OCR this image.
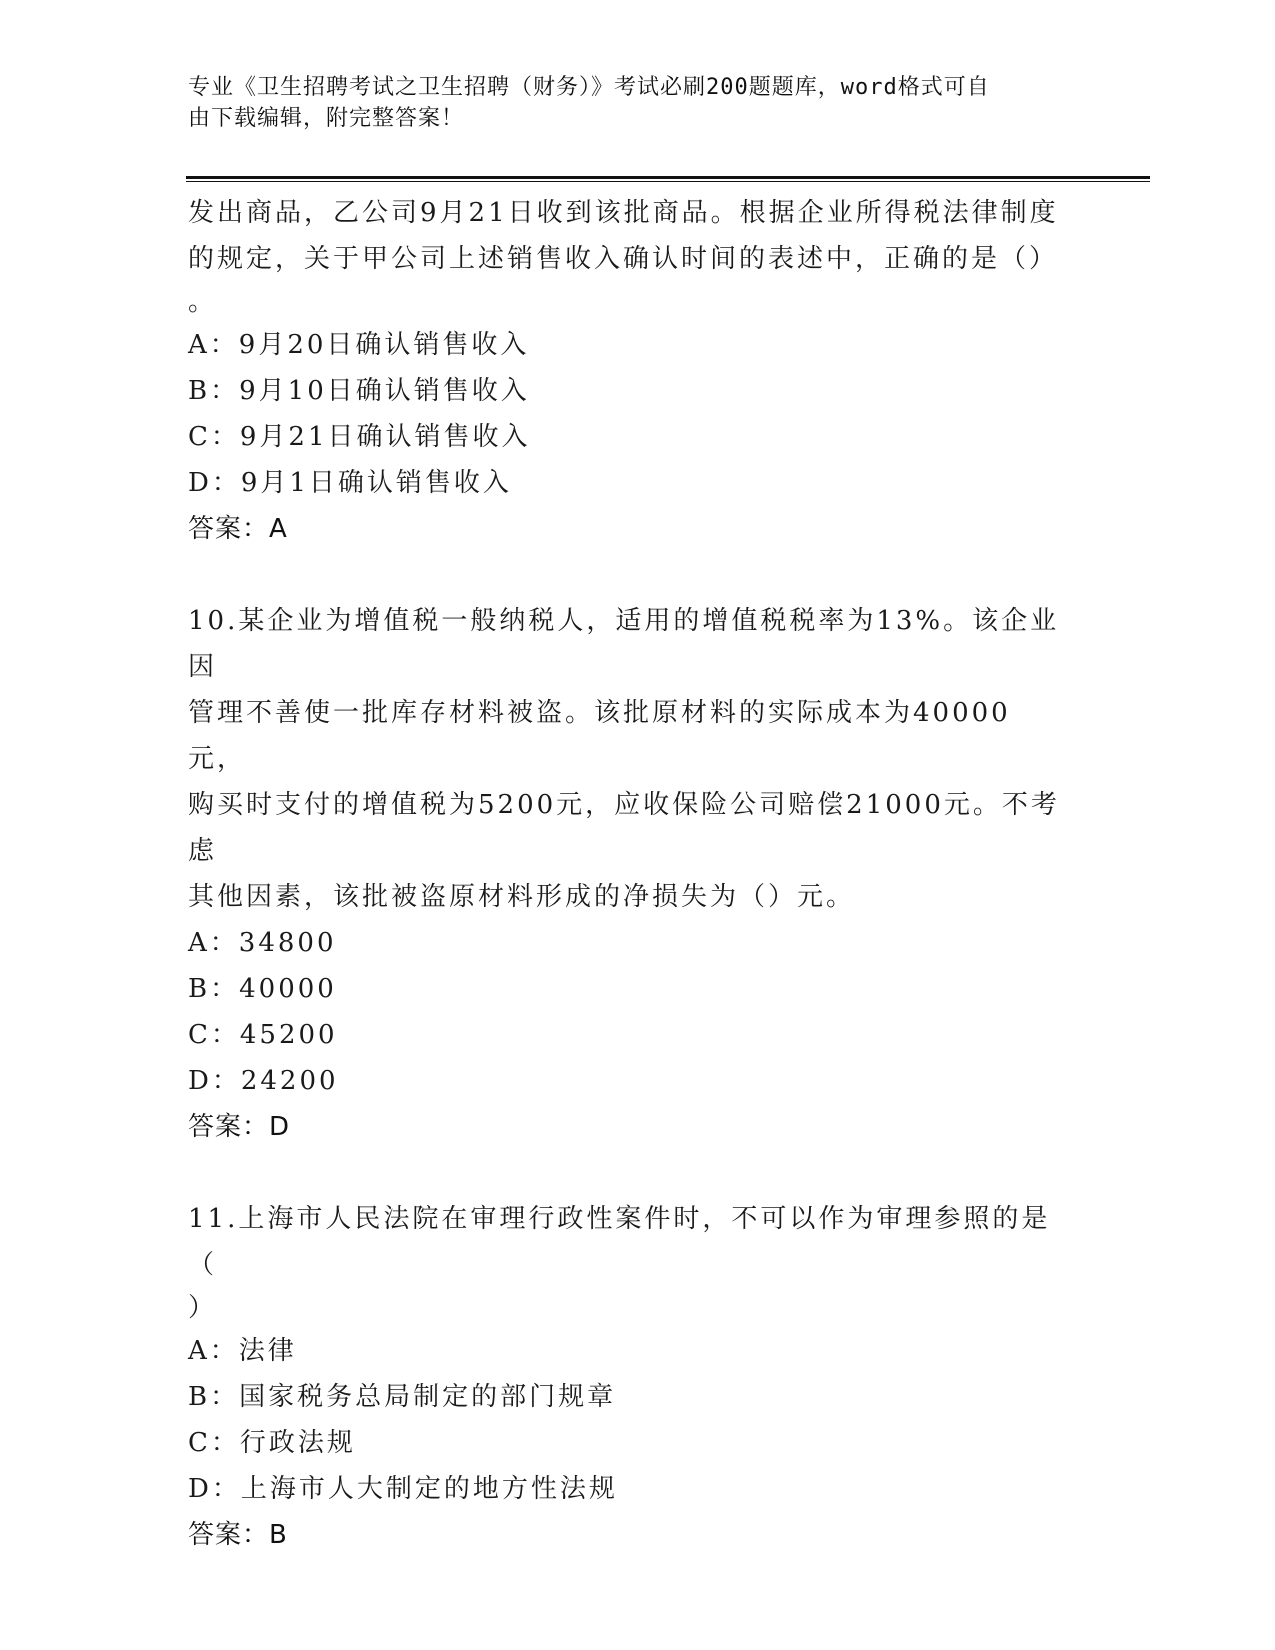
专业《卫生招聘考试之卫生招聘（财务）》考试必刷200题题库，word格式可自
由下载编辑，附完整答案！

发出商品，乙公司9月21日收到该批商品。根据企业所得税法律制度

的规定，关于甲公司上述销售收入确认时间的表述中，正确的是（）

。

A：9月20日确认销售收入

B：9月10日确认销售收入

C：9月21日确认销售收入

D：9月1日确认销售收入

答案：A

10.某企业为增值税一般纳税人，适用的增值税税率为13%。该企业因

管理不善使一批库存材料被盗。该批原材料的实际成本为40000元，

购买时支付的增值税为5200元，应收保险公司赔偿21000元。不考虑

其他因素，该批被盗原材料形成的净损失为（）元。

A：34800

B：40000

C：45200

D：24200

答案：D

11.上海市人民法院在审理行政性案件时，不可以作为审理参照的是（

）

A：法律

B：国家税务总局制定的部门规章

C：行政法规

D：上海市人大制定的地方性法规

答案：B
